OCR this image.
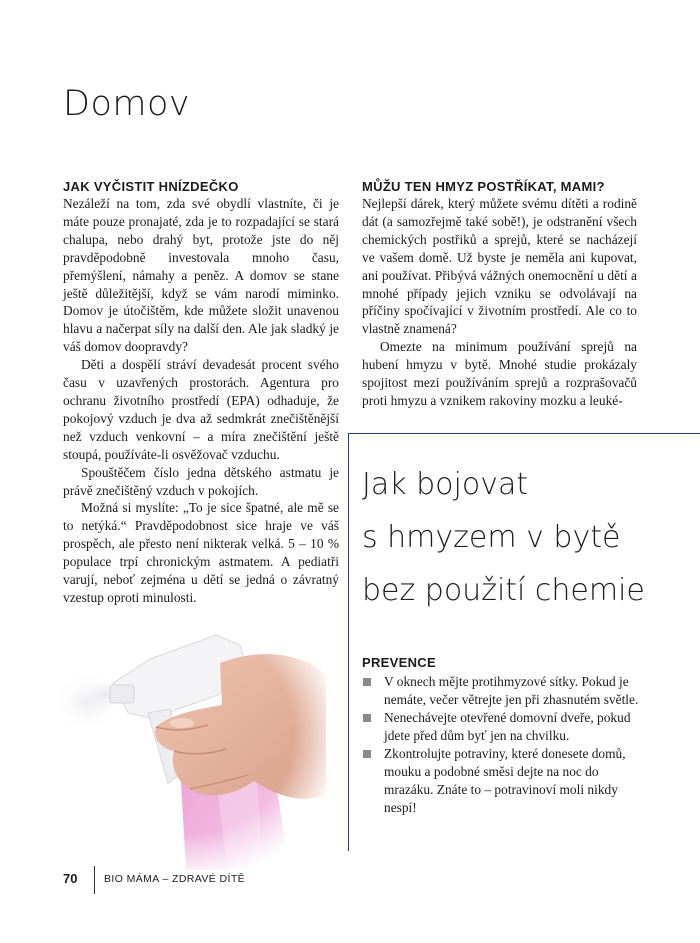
Domov
JAK VYČISTIT HNÍZDEČKO

Nezáleží na tom, zda své obydlí vlastníte, či je máte pouze pronajaté, zda je to rozpadající se stará chalupa, nebo drahý byt, protože jste do něj pravděpodobně investovala mnoho času, přemýšlení, námahy a peněz. A domov se stane ještě důležitější, když se vám narodí miminko. Domov je útočištěm, kde můžete složit unavenou hlavu a načerpat síly na další den. Ale jak sladký je váš domov doopravdy?

Děti a dospělí stráví devadesát procent svého času v uzavřených prostorách. Agentura pro ochranu životního prostředí (EPA) odhaduje, že pokojový vzduch je dva až sedmkrát znečištěnější než vzduch venkovní – a míra znečištění ještě stoupá, používáte-li osvěžovač vzduchu.

Spouštěčem číslo jedna dětského astmatu je právě znečištěný vzduch v pokojích.

Možná si myslíte: „To je sice špatné, ale mě se to netýká.“ Pravděpodobnost sice hraje ve váš prospěch, ale přesto není nikterak velká. 5 – 10 % populace trpí chronickým astmatem. A pediatři varují, neboť zejména u dětí se jedná o závratný vzestup oproti minulosti.

MŮŽU TEN HMYZ POSTŘÍKAT, MAMI?

Nejlepší dárek, který můžete svému dítěti a rodině dát (a samozřejmě také sobě!), je odstranění všech chemických postřiků a sprejů, které se nacházejí ve vašem domě. Už byste je neměla ani kupovat, ani používat. Přibývá vážných onemocnění u dětí a mnohé případy jejich vzniku se odvolávají na příčiny spočívající v životním prostředí. Ale co to vlastně znamená?

Omezte na minimum používání sprejů na hubení hmyzu v bytě. Mnohé studie prokázaly spojitost mezi používáním sprejů a rozprašovačů proti hmyzu a vznikem rakoviny mozku a leuké-

Jak bojovat
s hmyzem v bytě
bez použití chemie
PREVENCE
V oknech mějte protihmyzové sítky. Pokud je nemáte, večer větrejte jen při zhasnutém světle.
Nenechávejte otevřené domovní dveře, pokud jdete před dům byť jen na chvilku.
Zkontrolujte potraviny, které donesete domů, mouku a podobné směsi dejte na noc do mrazáku. Znáte to – potravinoví moli nikdy nespí!
70	BIO MÁMA – ZDRAVÉ DÍTĚ
